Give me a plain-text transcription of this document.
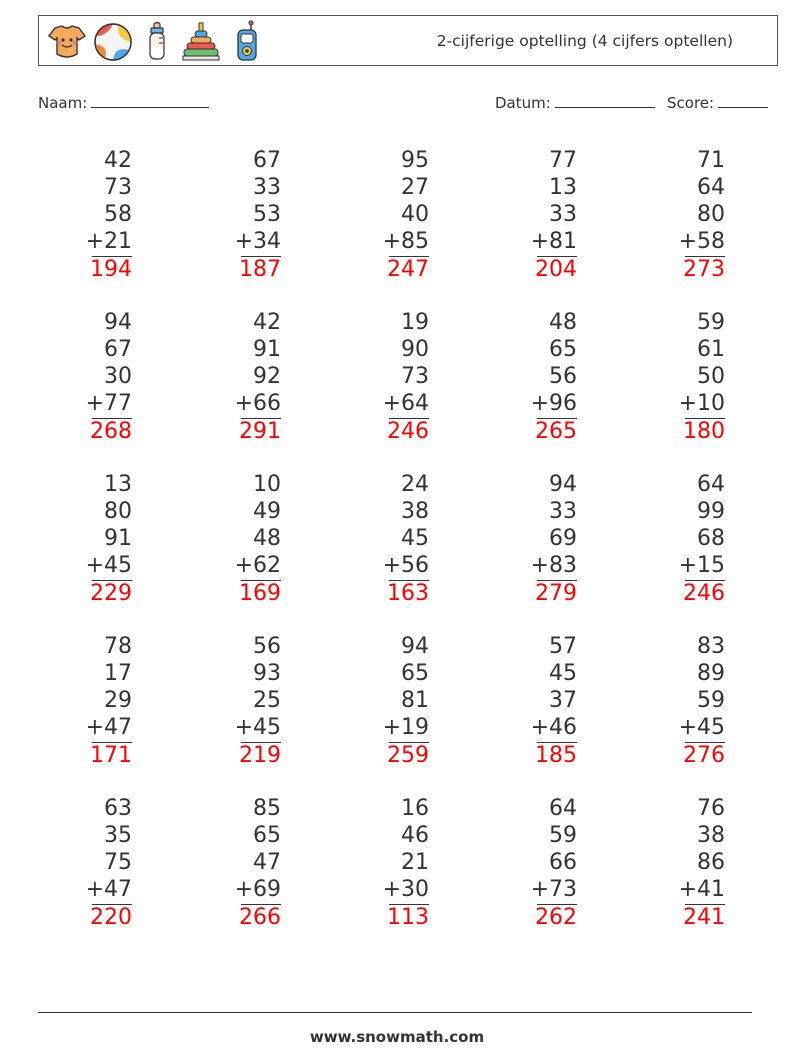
2-cijferige optelling (4 cijfers optellen)
Naam:	Datum:	Score:
42
73
58
+21
194
67
33
53
+34
187
95
27
40
+85
247
77
13
33
+81
204
71
64
80
+58
273
94
67
30
+77
268
42
91
92
+66
291
19
90
73
+64
246
48
65
56
+96
265
59
61
50
+10
180
13
80
91
+45
229
10
49
48
+62
169
24
38
45
+56
163
94
33
69
+83
279
64
99
68
+15
246
78
17
29
+47
171
56
93
25
+45
219
94
65
81
+19
259
57
45
37
+46
185
83
89
59
+45
276
63
35
75
+47
220
85
65
47
+69
266
16
46
21
+30
113
64
59
66
+73
262
76
38
86
+41
241
www.snowmath.com
